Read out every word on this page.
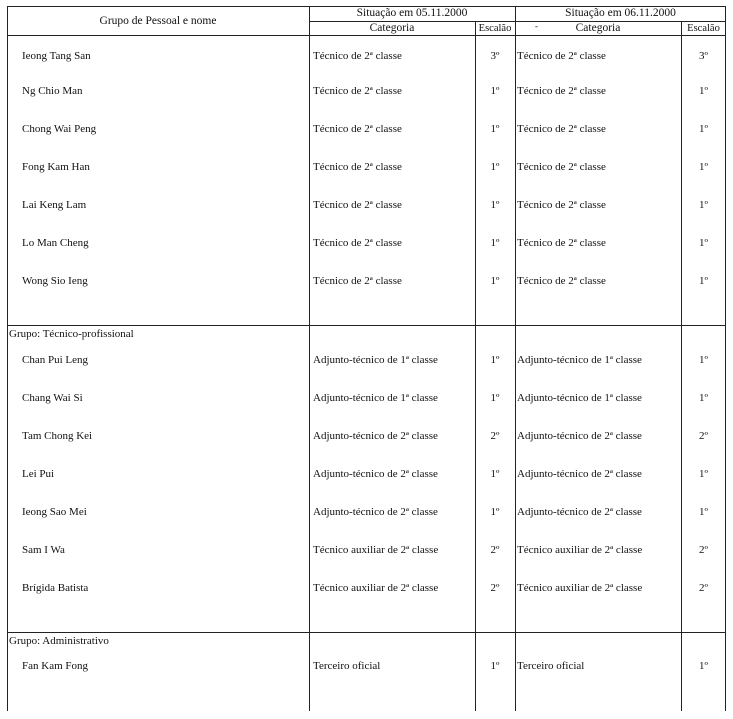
Grupo de Pessoal e nome
Situação em 05.11.2000	Situação em 06.11.2000
Categoria	Escalão	Categoria	Escalão
-
Ieong Tang San	Técnico de 2ª classe	3º	Técnico de 2ª classe	3º
Ng Chio Man	Técnico de 2ª classe	1º	Técnico de 2ª classe	1º
Chong Wai Peng	Técnico de 2ª classe	1º	Técnico de 2ª classe	1º
Fong Kam Han	Técnico de 2ª classe	1º	Técnico de 2ª classe	1º
Lai Keng Lam	Técnico de 2ª classe	1º	Técnico de 2ª classe	1º
Lo Man Cheng	Técnico de 2ª classe	1º	Técnico de 2ª classe	1º
Wong Sio Ieng	Técnico de 2ª classe	1º	Técnico de 2ª classe	1º
Grupo: Técnico-profissional
Chan Pui Leng	Adjunto-técnico de 1ª classe	1º	Adjunto-técnico de 1ª classe	1º
Chang Wai Si	Adjunto-técnico de 1ª classe	1º	Adjunto-técnico de 1ª classe	1º
Tam Chong Kei	Adjunto-técnico de 2ª classe	2º	Adjunto-técnico de 2ª classe	2º
Lei Pui	Adjunto-técnico de 2ª classe	1º	Adjunto-técnico de 2ª classe	1º
Ieong Sao Mei	Adjunto-técnico de 2ª classe	1º	Adjunto-técnico de 2ª classe	1º
Sam I Wa	Técnico auxiliar de 2ª classe	2º	Técnico auxiliar de 2ª classe	2º
Brígida Batista	Técnico auxiliar de 2ª classe	2º	Técnico auxiliar de 2ª classe	2º
Grupo: Administrativo
Fan Kam Fong	Terceiro oficial	1º	Terceiro oficial	1º
